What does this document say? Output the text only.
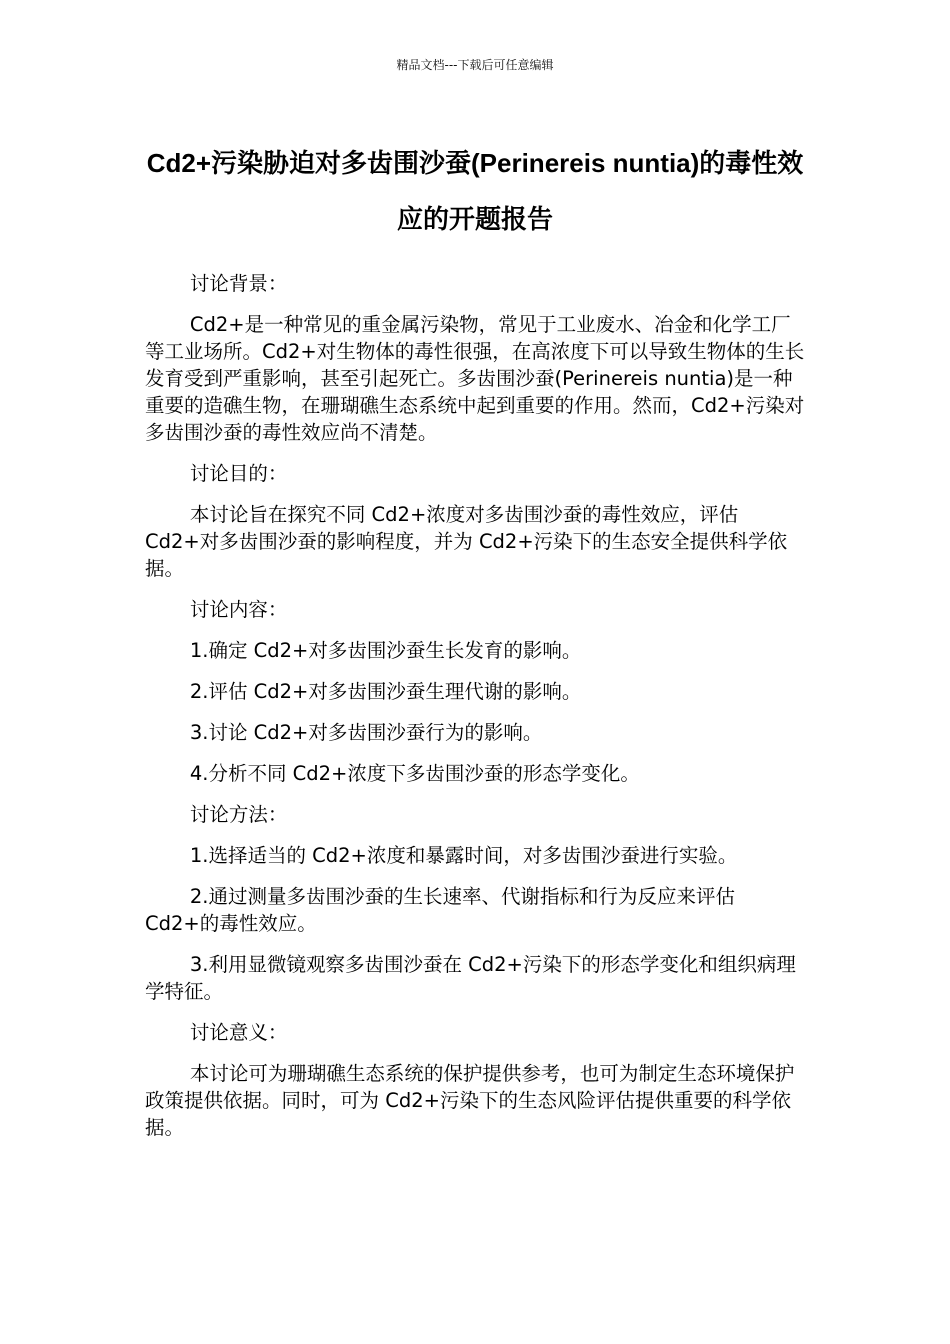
精品文档---下载后可任意编辑
Cd2+污染胁迫对多齿围沙蚕(Perinereis nuntia)的毒性效应的开题报告

讨论背景：

Cd2+是一种常见的重金属污染物，常见于工业废水、冶金和化学工厂等工业场所。Cd2+对生物体的毒性很强，在高浓度下可以导致生物体的生长发育受到严重影响，甚至引起死亡。多齿围沙蚕(Perinereis nuntia)是一种重要的造礁生物，在珊瑚礁生态系统中起到重要的作用。然而，Cd2+污染对多齿围沙蚕的毒性效应尚不清楚。

讨论目的：

本讨论旨在探究不同 Cd2+浓度对多齿围沙蚕的毒性效应，评估Cd2+对多齿围沙蚕的影响程度，并为 Cd2+污染下的生态安全提供科学依据。

讨论内容：

1.确定 Cd2+对多齿围沙蚕生长发育的影响。

2.评估 Cd2+对多齿围沙蚕生理代谢的影响。

3.讨论 Cd2+对多齿围沙蚕行为的影响。

4.分析不同 Cd2+浓度下多齿围沙蚕的形态学变化。

讨论方法：

1.选择适当的 Cd2+浓度和暴露时间，对多齿围沙蚕进行实验。

2.通过测量多齿围沙蚕的生长速率、代谢指标和行为反应来评估Cd2+的毒性效应。

3.利用显微镜观察多齿围沙蚕在 Cd2+污染下的形态学变化和组织病理学特征。

讨论意义：

本讨论可为珊瑚礁生态系统的保护提供参考，也可为制定生态环境保护政策提供依据。同时，可为 Cd2+污染下的生态风险评估提供重要的科学依据。
